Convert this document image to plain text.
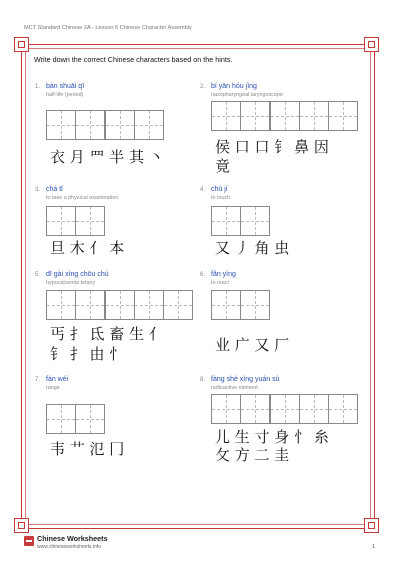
MCT Standard Chinese 2A - Lesson 6 Chinese Character Assembly
Write down the correct Chinese characters based on the hints.
1. bàn shuāi qī
half-life (period)
衣 月 罒 半 其 丶
2. bí yān hóu jìng
nasopharyngeal laryngoscope
侯 口 口 钅 鼻 因
竟
3. chá tǐ
to take a physical examination
旦 木 亻 本
4. chù jí
to touch
又 丿 角 虫
5. dī gài xìng chōu chù
hypocalcemia tetany
丐 扌 氐 畜 生 亻
钅 扌 由 忄
6. fǎn yìng
to react
业 广 又 厂
7. fàn wéi
range
韦 艹 氾 冂
8. fàng shè xìng yuán sù
radioactive element
儿 生 寸 身 忄 糸
攵 方 二 圭
Chinese Worksheets
www.chineseworksheets.info	1
